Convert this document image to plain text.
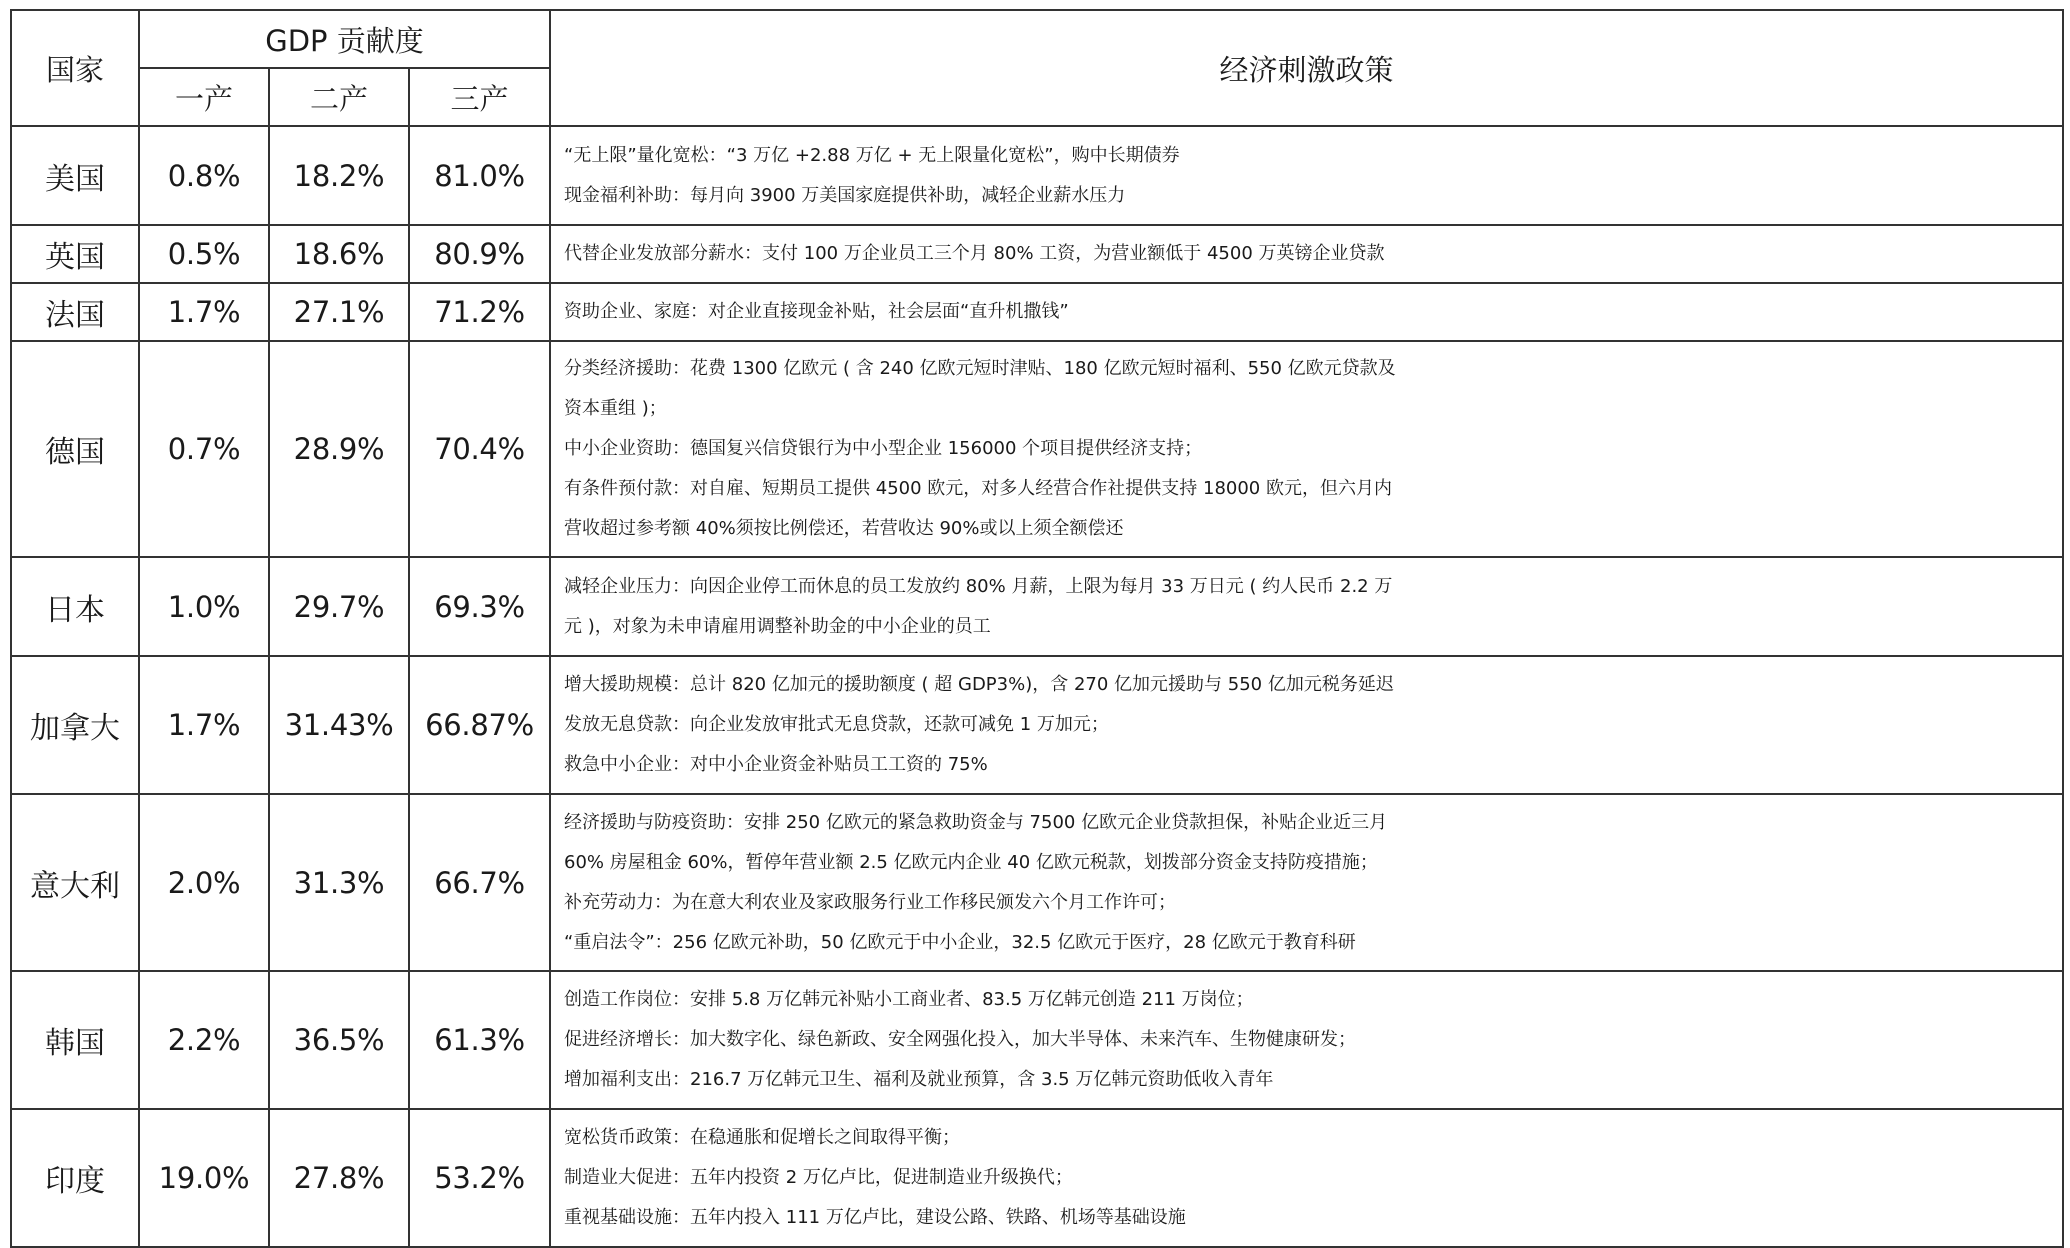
国家	GDP 贡献度			经济刺激政策
	一产	二产	三产	
美国	0.8%	18.2%	81.0%	“无上限”量化宽松：“3 万亿 +2.88 万亿 + 无上限量化宽松”，购中长期债券
现金福利补助：每月向 3900 万美国家庭提供补助，减轻企业薪水压力

英国	0.5%	18.6%	80.9%	代替企业发放部分薪水：支付 100 万企业员工三个月 80% 工资，为营业额低于 4500 万英镑企业贷款

法国	1.7%	27.1%	71.2%	资助企业、家庭：对企业直接现金补贴，社会层面“直升机撒钱”

德国	0.7%	28.9%	70.4%	分类经济援助：花费 1300 亿欧元 ( 含 240 亿欧元短时津贴、180 亿欧元短时福利、550 亿欧元贷款及
资本重组 )；
中小企业资助：德国复兴信贷银行为中小型企业 156000 个项目提供经济支持；
有条件预付款：对自雇、短期员工提供 4500 欧元，对多人经营合作社提供支持 18000 欧元，但六月内
营收超过参考额 40%须按比例偿还，若营收达 90%或以上须全额偿还

日本	1.0%	29.7%	69.3%	减轻企业压力：向因企业停工而休息的员工发放约 80% 月薪，上限为每月 33 万日元 ( 约人民币 2.2 万
元 )，对象为未申请雇用调整补助金的中小企业的员工

加拿大	1.7%	31.43%	66.87%	增大援助规模：总计 820 亿加元的援助额度 ( 超 GDP3%)，含 270 亿加元援助与 550 亿加元税务延迟
发放无息贷款：向企业发放审批式无息贷款，还款可减免 1 万加元；
救急中小企业：对中小企业资金补贴员工工资的 75%

意大利	2.0%	31.3%	66.7%	经济援助与防疫资助：安排 250 亿欧元的紧急救助资金与 7500 亿欧元企业贷款担保，补贴企业近三月
60% 房屋租金 60%，暂停年营业额 2.5 亿欧元内企业 40 亿欧元税款，划拨部分资金支持防疫措施；
补充劳动力：为在意大利农业及家政服务行业工作移民颁发六个月工作许可；
“重启法令”：256 亿欧元补助，50 亿欧元于中小企业，32.5 亿欧元于医疗，28 亿欧元于教育科研

韩国	2.2%	36.5%	61.3%	创造工作岗位：安排 5.8 万亿韩元补贴小工商业者、83.5 万亿韩元创造 211 万岗位；
促进经济增长：加大数字化、绿色新政、安全网强化投入，加大半导体、未来汽车、生物健康研发；
增加福利支出：216.7 万亿韩元卫生、福利及就业预算，含 3.5 万亿韩元资助低收入青年

印度	19.0%	27.8%	53.2%	宽松货币政策：在稳通胀和促增长之间取得平衡；
制造业大促进：五年内投资 2 万亿卢比，促进制造业升级换代；
重视基础设施：五年内投入 111 万亿卢比，建设公路、铁路、机场等基础设施
